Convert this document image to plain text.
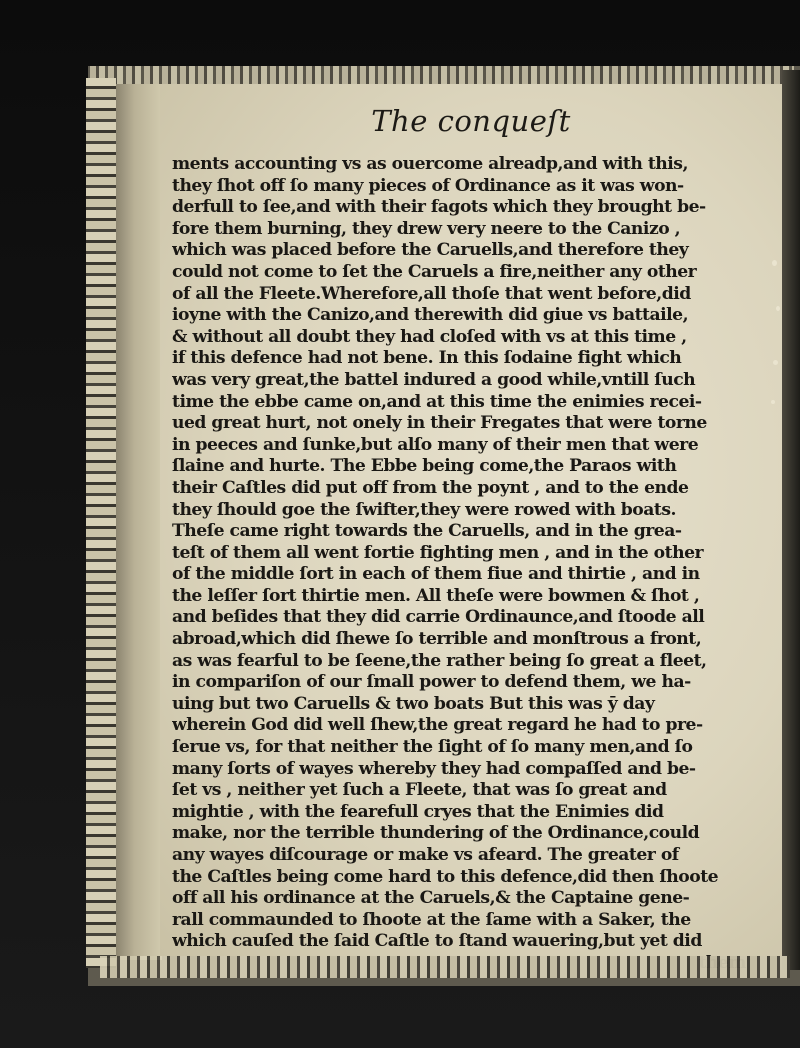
The conqueſt
ments accounting vs as ouercome alreadp,and with this,
they ſhot off ſo many pieces of Ordinance as it was won-
derfull to ſee,and with their fagots which they brought be-
fore them burning, they drew very neere to the Canizo ,
which was placed before the Caruells,and therefore they
could not come to ſet the Caruels a fire,neither any other
of all the Fleete.Wherefore,all thoſe that went before,did
ioyne with the Canizo,and therewith did giue vs battaile,
& without all doubt they had cloſed with vs at this time ,
if this defence had not bene. In this ſodaine fight which
was very great,the battel indured a good while,vntill ſuch
time the ebbe came on,and at this time the enimies recei-
ued great hurt, not onely in their Fregates that were torne
in peeces and ſunke,but alſo many of their men that were
ſlaine and hurte. The Ebbe being come,the Paraos with
their Caſtles did put off from the poynt , and to the ende
they ſhould goe the ſwifter,they were rowed with boats.
Theſe came right towards the Caruells, and in the grea-
teſt of them all went fortie fighting men , and in the other
of the middle ſort in each of them fiue and thirtie , and in
the leſſer ſort thirtie men. All theſe were bowmen & ſhot ,
and beſides that they did carrie Ordinaunce,and ſtoode all
abroad,which did ſhewe ſo terrible and monſtrous a front,
as was fearful to be ſeene,the rather being ſo great a fleet,
in compariſon of our ſmall power to defend them, we ha-
uing but two Caruells & two boats But this was ȳ day
wherein God did well ſhew,the great regard he had to pre-
ſerue vs, for that neither the ſight of ſo many men,and ſo
many ſorts of wayes whereby they had compaſſed and be-
ſet vs , neither yet ſuch a Fleete, that was ſo great and
mightie , with the fearefull cryes that the Enimies did
make, nor the terrible thundering of the Ordinance,could
any wayes diſcourage or make vs afeard. The greater of
the Caſtles being come hard to this defence,did then ſhoote
off all his ordinance at the Caruels,& the Captaine gene-
rall commaunded to ſhoote at the ſame with a Saker, the
which cauſed the ſaid Caſtle to ſtand wauering,but yet did
